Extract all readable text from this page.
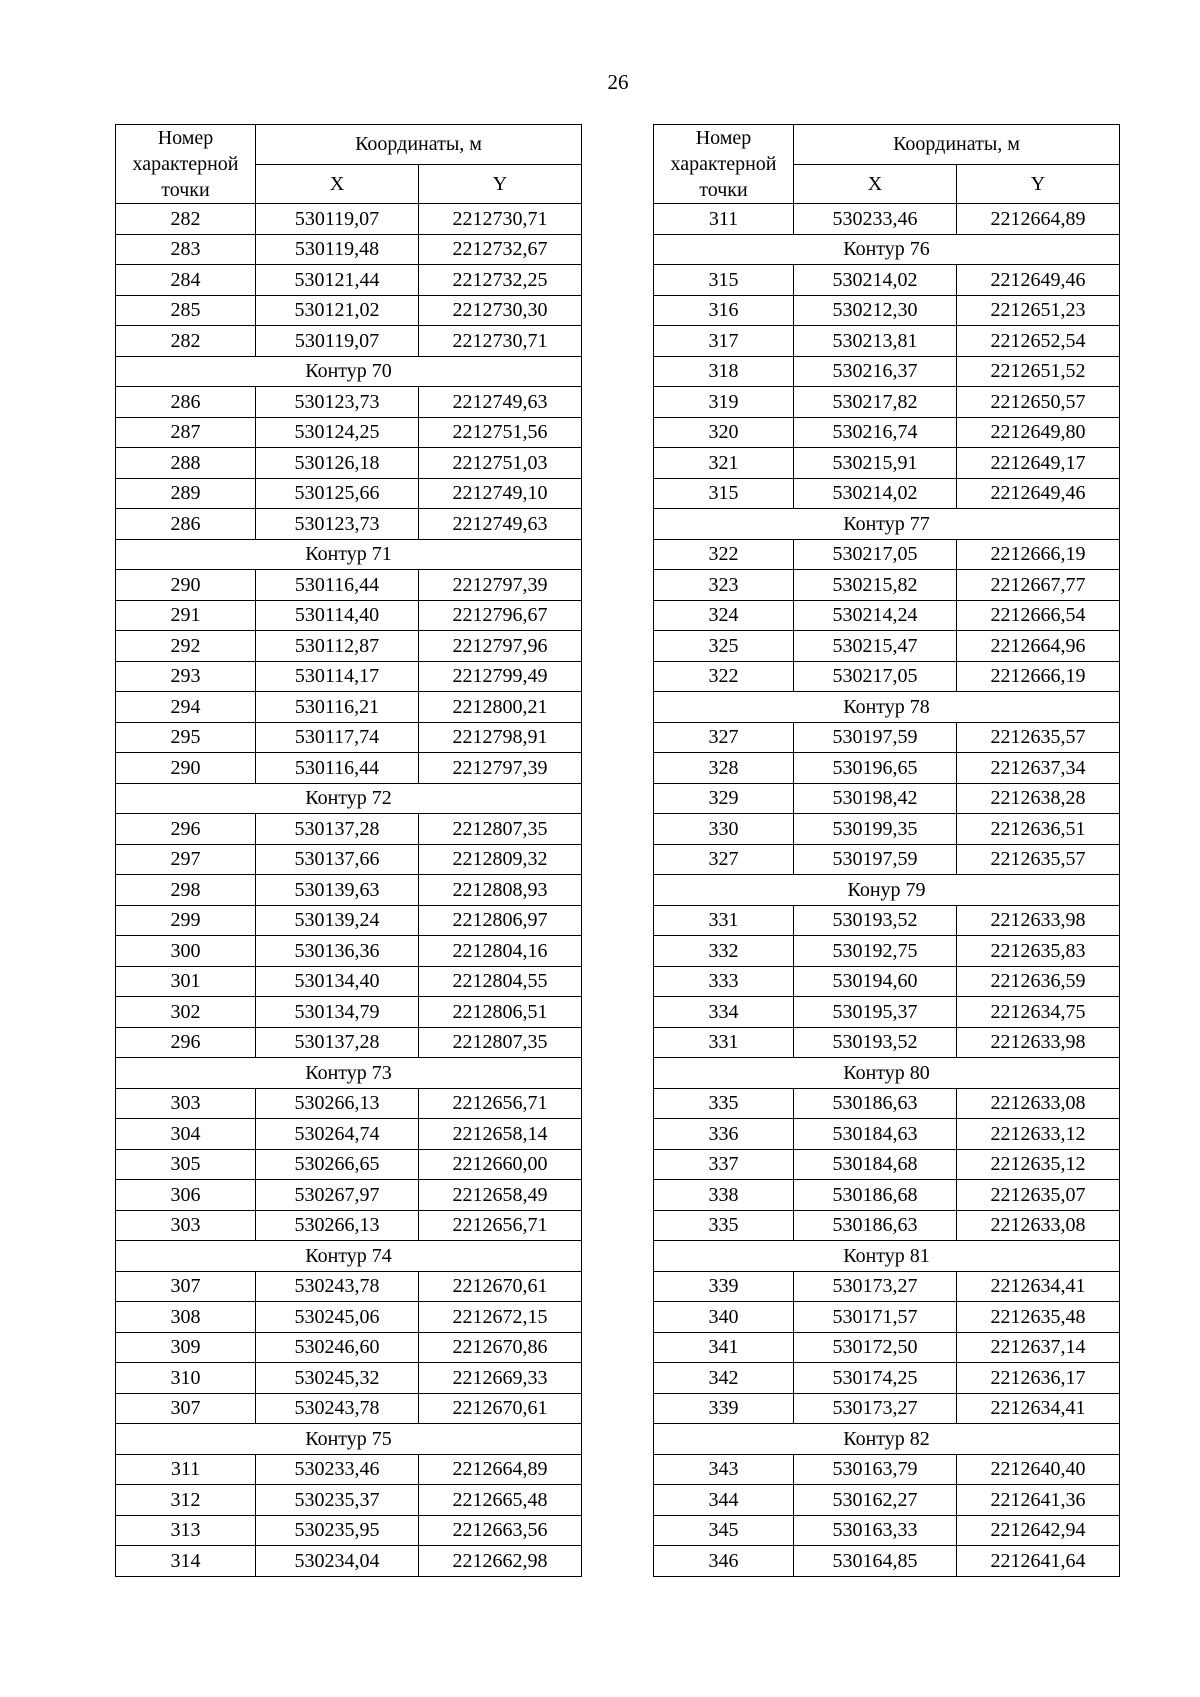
26
Номер характерной точки	Координаты, м	
	X	Y
282	530119,07	2212730,71
283	530119,48	2212732,67
284	530121,44	2212732,25
285	530121,02	2212730,30
282	530119,07	2212730,71
Контур 70		
286	530123,73	2212749,63
287	530124,25	2212751,56
288	530126,18	2212751,03
289	530125,66	2212749,10
286	530123,73	2212749,63
Контур 71		
290	530116,44	2212797,39
291	530114,40	2212796,67
292	530112,87	2212797,96
293	530114,17	2212799,49
294	530116,21	2212800,21
295	530117,74	2212798,91
290	530116,44	2212797,39
Контур 72		
296	530137,28	2212807,35
297	530137,66	2212809,32
298	530139,63	2212808,93
299	530139,24	2212806,97
300	530136,36	2212804,16
301	530134,40	2212804,55
302	530134,79	2212806,51
296	530137,28	2212807,35
Контур 73		
303	530266,13	2212656,71
304	530264,74	2212658,14
305	530266,65	2212660,00
306	530267,97	2212658,49
303	530266,13	2212656,71
Контур 74		
307	530243,78	2212670,61
308	530245,06	2212672,15
309	530246,60	2212670,86
310	530245,32	2212669,33
307	530243,78	2212670,61
Контур 75		
311	530233,46	2212664,89
312	530235,37	2212665,48
313	530235,95	2212663,56
314	530234,04	2212662,98
Номер характерной точки	Координаты, м	
	X	Y
311	530233,46	2212664,89
Контур 76		
315	530214,02	2212649,46
316	530212,30	2212651,23
317	530213,81	2212652,54
318	530216,37	2212651,52
319	530217,82	2212650,57
320	530216,74	2212649,80
321	530215,91	2212649,17
315	530214,02	2212649,46
Контур 77		
322	530217,05	2212666,19
323	530215,82	2212667,77
324	530214,24	2212666,54
325	530215,47	2212664,96
322	530217,05	2212666,19
Контур 78		
327	530197,59	2212635,57
328	530196,65	2212637,34
329	530198,42	2212638,28
330	530199,35	2212636,51
327	530197,59	2212635,57
Конур 79		
331	530193,52	2212633,98
332	530192,75	2212635,83
333	530194,60	2212636,59
334	530195,37	2212634,75
331	530193,52	2212633,98
Контур 80		
335	530186,63	2212633,08
336	530184,63	2212633,12
337	530184,68	2212635,12
338	530186,68	2212635,07
335	530186,63	2212633,08
Контур 81		
339	530173,27	2212634,41
340	530171,57	2212635,48
341	530172,50	2212637,14
342	530174,25	2212636,17
339	530173,27	2212634,41
Контур 82		
343	530163,79	2212640,40
344	530162,27	2212641,36
345	530163,33	2212642,94
346	530164,85	2212641,64
